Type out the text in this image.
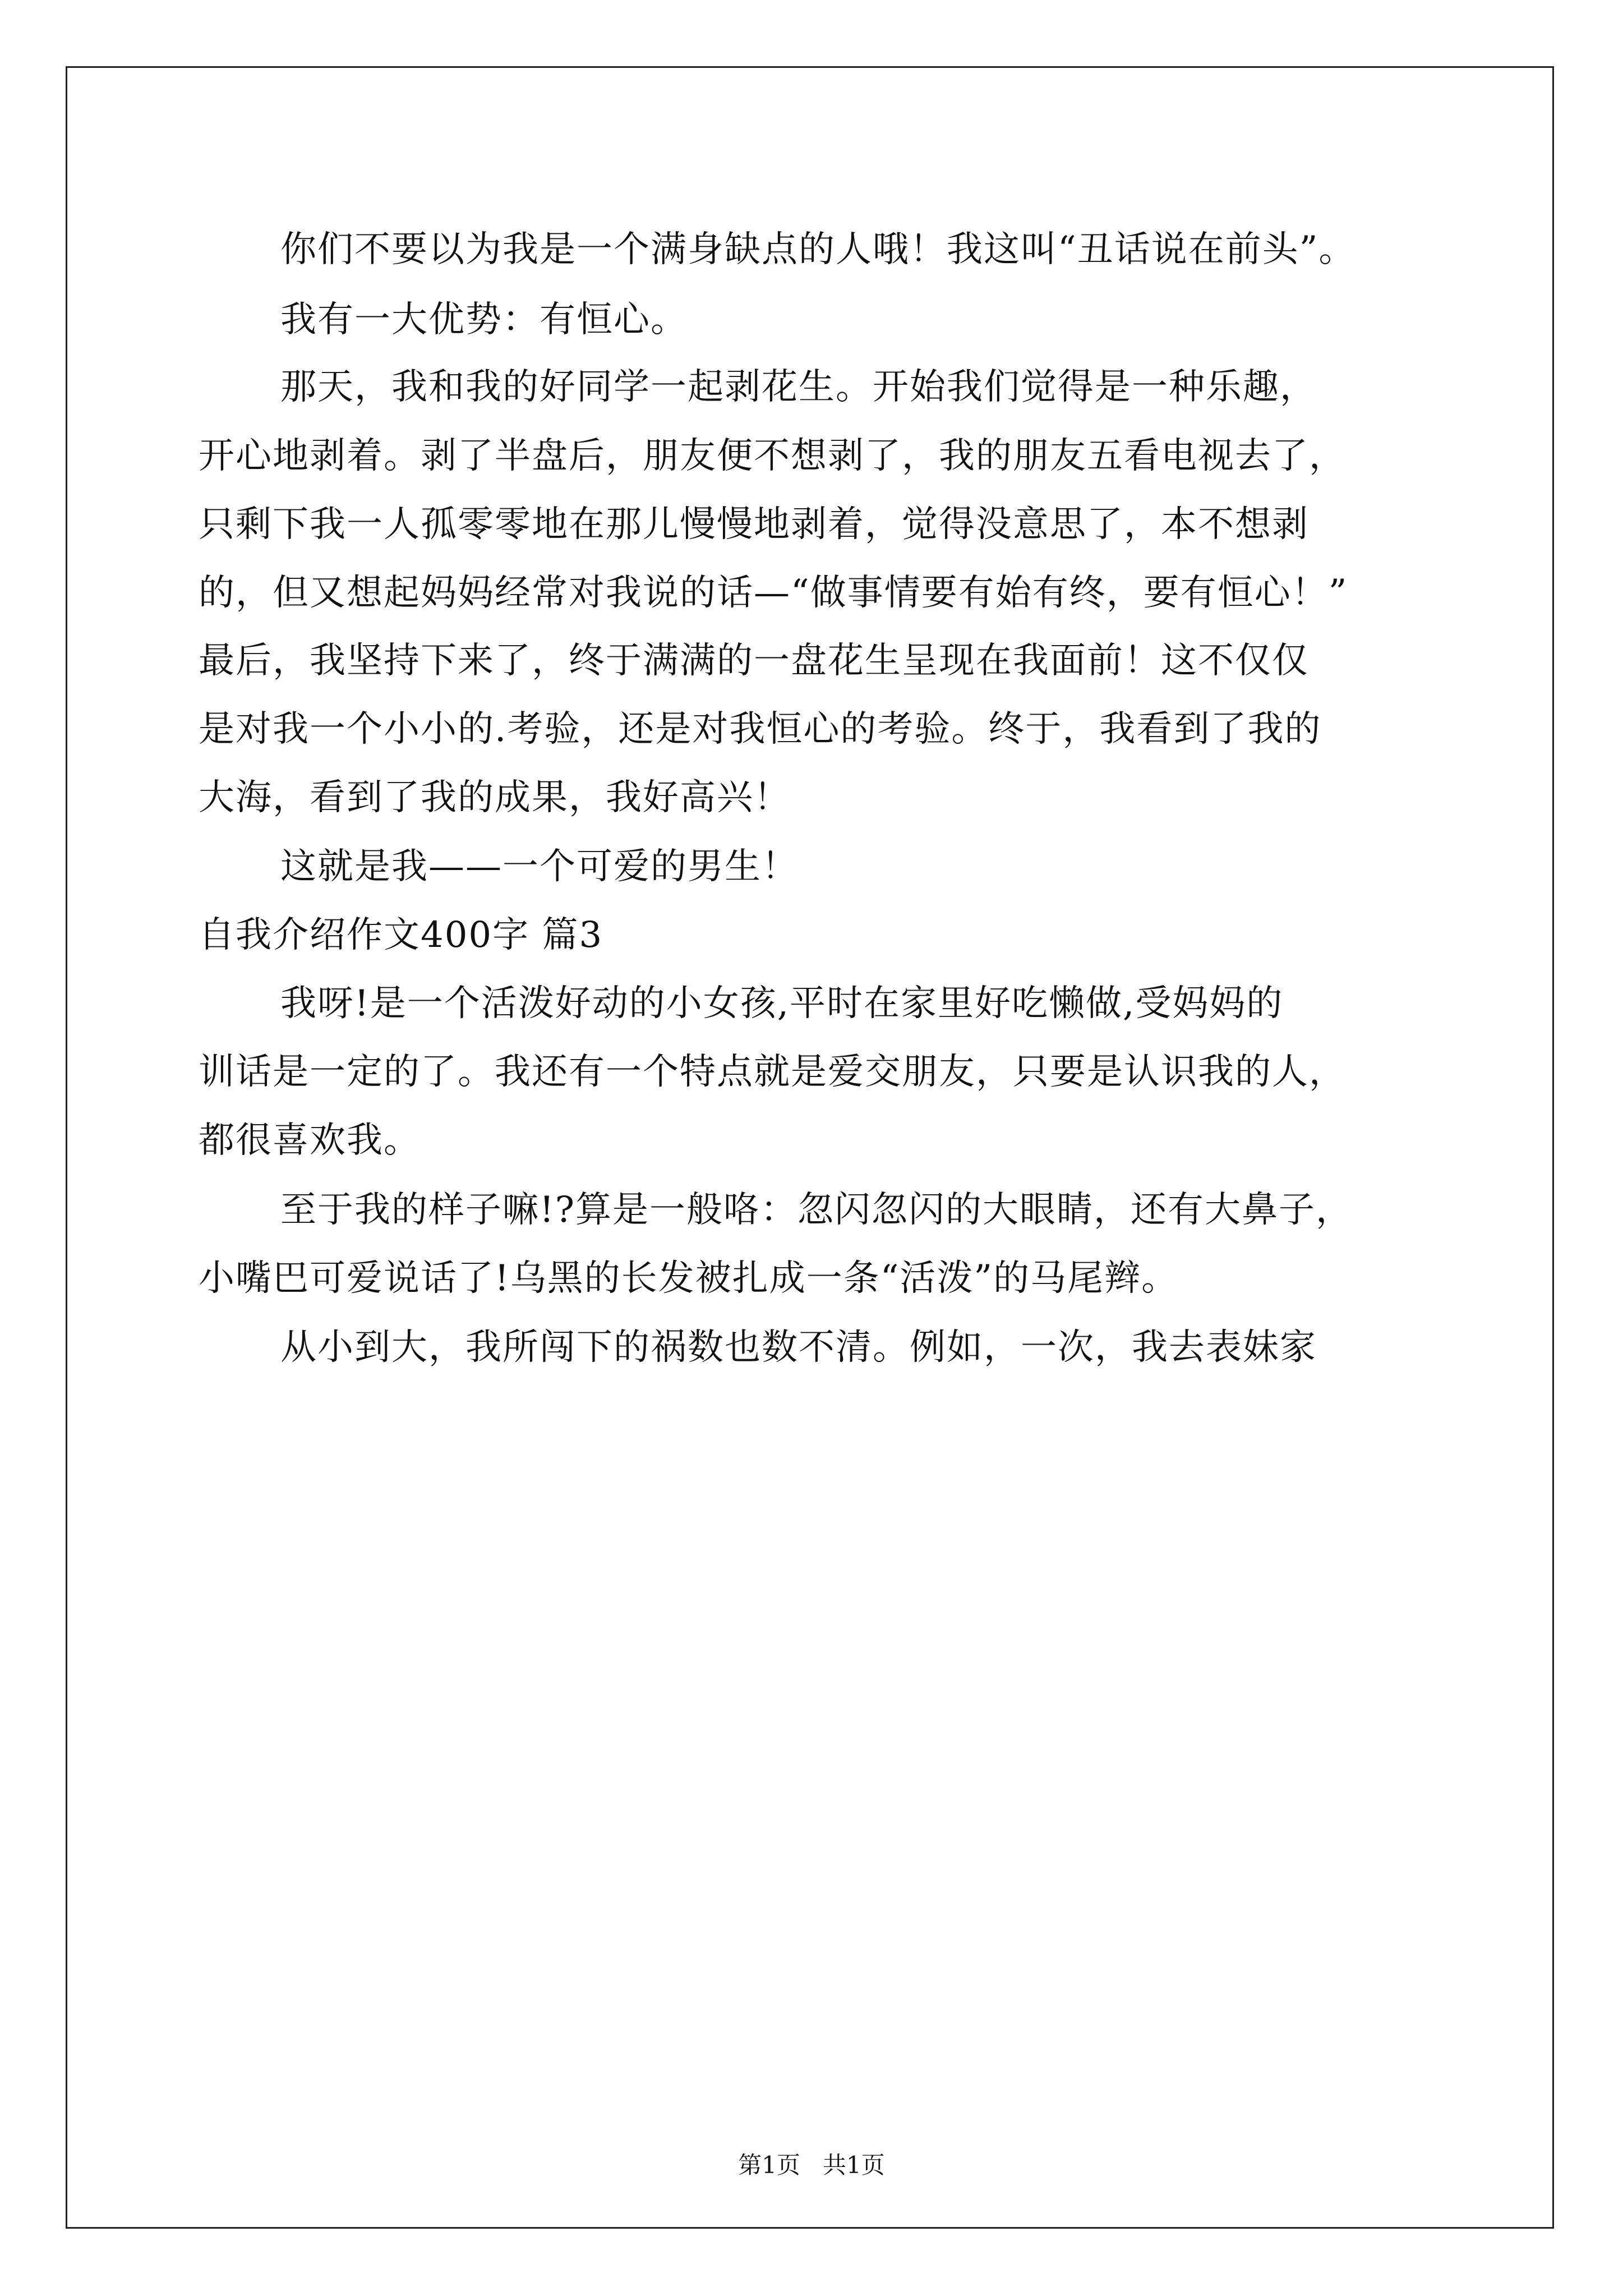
你们不要以为我是一个满身缺点的人哦！我这叫“丑话说在前头”。

我有一大优势：有恒心。

那天，我和我的好同学一起剥花生。开始我们觉得是一种乐趣，

开心地剥着。剥了半盘后，朋友便不想剥了，我的朋友五看电视去了，

只剩下我一人孤零零地在那儿慢慢地剥着，觉得没意思了，本不想剥

的，但又想起妈妈经常对我说的话—“做事情要有始有终，要有恒心！”

最后，我坚持下来了，终于满满的一盘花生呈现在我面前！这不仅仅

是对我一个小小的.考验，还是对我恒心的考验。终于，我看到了我的

大海，看到了我的成果，我好高兴！

这就是我——一个可爱的男生！

自我介绍作文400字 篇3

我呀!是一个活泼好动的小女孩,平时在家里好吃懒做,受妈妈的

训话是一定的了。我还有一个特点就是爱交朋友，只要是认识我的人，

都很喜欢我。

至于我的样子嘛!?算是一般咯：忽闪忽闪的大眼睛，还有大鼻子，

小嘴巴可爱说话了!乌黑的长发被扎成一条“活泼”的马尾辫。

从小到大，我所闯下的祸数也数不清。例如，一次，我去表妹家

第1页   共1页
